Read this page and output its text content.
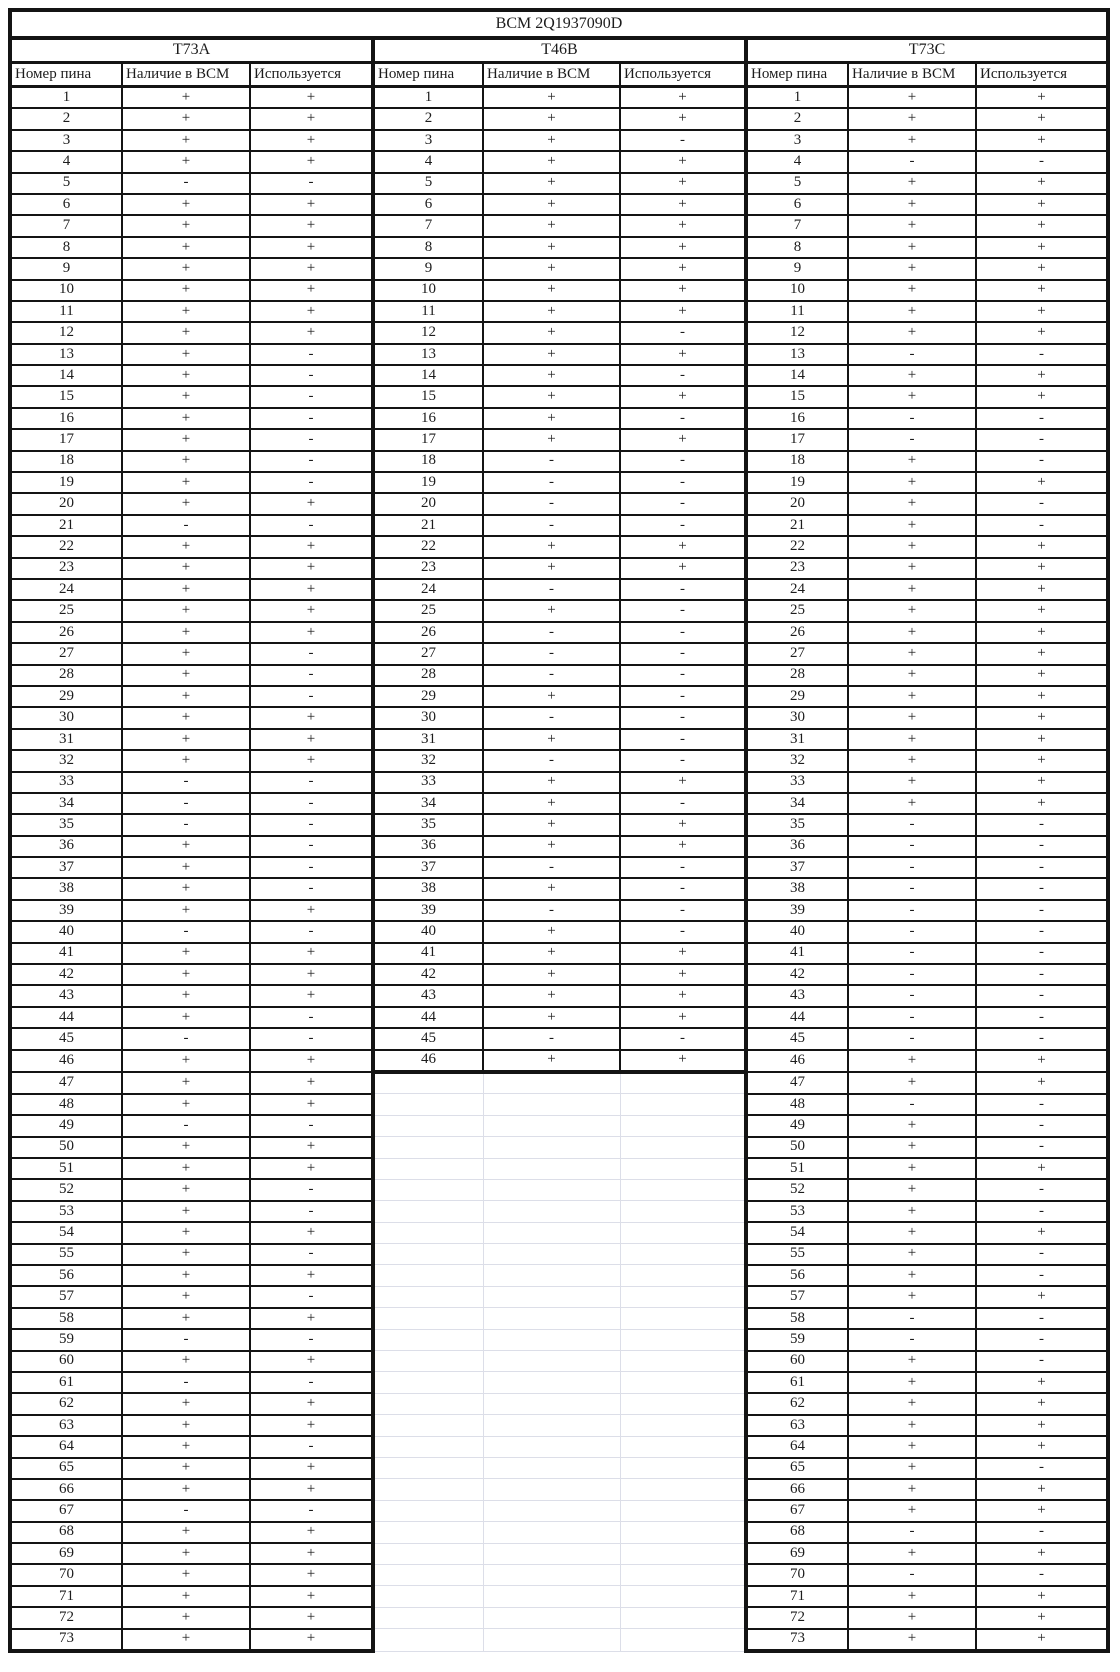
BCM 2Q1937090D								
T73A			T46B			T73C		
Номер пина	Наличие в BCM	Используется	Номер пина	Наличие в BCM	Используется	Номер пина	Наличие в BCM	Используется
1	+	+	1	+	+	1	+	+
2	+	+	2	+	+	2	+	+
3	+	+	3	+	-	3	+	+
4	+	+	4	+	+	4	-	-
5	-	-	5	+	+	5	+	+
6	+	+	6	+	+	6	+	+
7	+	+	7	+	+	7	+	+
8	+	+	8	+	+	8	+	+
9	+	+	9	+	+	9	+	+
10	+	+	10	+	+	10	+	+
11	+	+	11	+	+	11	+	+
12	+	+	12	+	-	12	+	+
13	+	-	13	+	+	13	-	-
14	+	-	14	+	-	14	+	+
15	+	-	15	+	+	15	+	+
16	+	-	16	+	-	16	-	-
17	+	-	17	+	+	17	-	-
18	+	-	18	-	-	18	+	-
19	+	-	19	-	-	19	+	+
20	+	+	20	-	-	20	+	-
21	-	-	21	-	-	21	+	-
22	+	+	22	+	+	22	+	+
23	+	+	23	+	+	23	+	+
24	+	+	24	-	-	24	+	+
25	+	+	25	+	-	25	+	+
26	+	+	26	-	-	26	+	+
27	+	-	27	-	-	27	+	+
28	+	-	28	-	-	28	+	+
29	+	-	29	+	-	29	+	+
30	+	+	30	-	-	30	+	+
31	+	+	31	+	-	31	+	+
32	+	+	32	-	-	32	+	+
33	-	-	33	+	+	33	+	+
34	-	-	34	+	-	34	+	+
35	-	-	35	+	+	35	-	-
36	+	-	36	+	+	36	-	-
37	+	-	37	-	-	37	-	-
38	+	-	38	+	-	38	-	-
39	+	+	39	-	-	39	-	-
40	-	-	40	+	-	40	-	-
41	+	+	41	+	+	41	-	-
42	+	+	42	+	+	42	-	-
43	+	+	43	+	+	43	-	-
44	+	-	44	+	+	44	-	-
45	-	-	45	-	-	45	-	-
46	+	+	46	+	+	46	+	+
47	+	+				47	+	+
48	+	+				48	-	-
49	-	-				49	+	-
50	+	+				50	+	-
51	+	+				51	+	+
52	+	-				52	+	-
53	+	-				53	+	-
54	+	+				54	+	+
55	+	-				55	+	-
56	+	+				56	+	-
57	+	-				57	+	+
58	+	+				58	-	-
59	-	-				59	-	-
60	+	+				60	+	-
61	-	-				61	+	+
62	+	+				62	+	+
63	+	+				63	+	+
64	+	-				64	+	+
65	+	+				65	+	-
66	+	+				66	+	+
67	-	-				67	+	+
68	+	+				68	-	-
69	+	+				69	+	+
70	+	+				70	-	-
71	+	+				71	+	+
72	+	+				72	+	+
73	+	+				73	+	+
